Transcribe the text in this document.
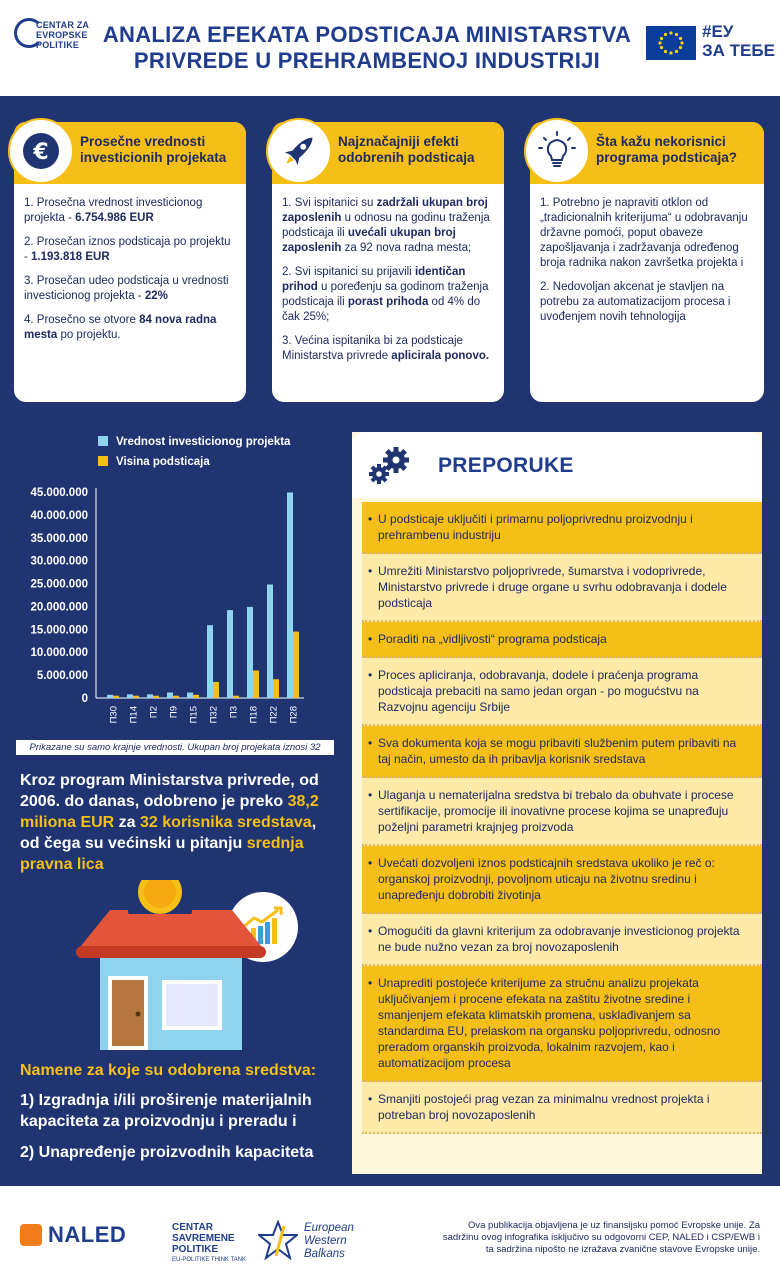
CENTAR ZA
EVROPSKE
POLITIKE	ANALIZA EFEKATA PODSTICAJA MINISTARSTVA
PRIVREDE U PREHRAMBENOJ INDUSTRIJI
#ЕУ
ЗА ТЕБЕ
€ Prosečne vrednosti investicionih projekata

1. Prosečna vrednost investicionog projekta - 6.754.986 EUR

2. Prosečan iznos podsticaja po projektu - 1.193.818 EUR

3. Prosečan udeo podsticaja u vrednosti investicionog projekta - 22%

4. Prosečno se otvore 84 nova radna mesta po projektu.

Najznačajniji efekti odobrenih podsticaja

1. Svi ispitanici su zadržali ukupan broj zaposlenih u odnosu na godinu traženja podsticaja ili uvećali ukupan broj zaposlenih za 92 nova radna mesta;

2. Svi ispitanici su prijavili identičan prihod u poređenju sa godinom traženja podsticaja ili porast prihoda od 4% do čak 25%;

3. Većina ispitanika bi za podsticaje Ministarstva privrede aplicirala ponovo.

Šta kažu nekorisnici programa podsticaja?

1. Potrebno je napraviti otklon od „tradicionalnih kriterijuma“ u odobravanju državne pomoći, poput obaveze zapošljavanja i zadržavanja određenog broja radnika nakon završetka projekta i

2. Nedovoljan akcenat je stavljen na potrebu za automatizacijom procesa i uvođenjem novih tehnologija

Vrednost investicionog projekta
Visina podsticaja
0
5.000.000
10.000.000
15.000.000
20.000.000
25.000.000
30.000.000
35.000.000
40.000.000
45.000.000
П30 П14 П2 П9 П15 П32 П3 П18 П22 П28
Prikazane su samo krajnje vrednosti. Ukupan broj projekata iznosi 32
Kroz program Ministarstva privrede, od 2006. do danas, odobreno je preko 38,2 miliona EUR za 32 korisnika sredstava, od čega su većinski u pitanju srednja pravna lica
Namene za koje su odobrena sredstva:
1) Izgradnja i/ili proširenje materijalnih kapaciteta za proizvodnju i preradu i
2) Unapređenje proizvodnih kapaciteta
PREPORUKE
• U podsticaje uključiti i primarnu poljoprivrednu proizvodnju i prehrambenu industriju
• Umrežiti Ministarstvo poljoprivrede, šumarstva i vodoprivrede, Ministarstvo privrede i druge organe u svrhu odobravanja i dodele podsticaja
• Poraditi na „vidljivosti“ programa podsticaja
• Proces apliciranja, odobravanja, dodele i praćenja programa podsticaja prebaciti na samo jedan organ - po mogućstvu na Razvojnu agenciju Srbije
• Sva dokumenta koja se mogu pribaviti službenim putem pribaviti na taj način, umesto da ih pribavlja korisnik sredstava
• Ulaganja u nematerijalna sredstva bi trebalo da obuhvate i procese sertifikacije, promocije ili inovativne procese kojima se unapređuju poželjni parametri krajnjeg proizvoda
• Uvećati dozvoljeni iznos podsticajnih sredstava ukoliko je reč o: organskoj proizvodnji, povoljnom uticaju na životnu sredinu i unapređenju dobrobiti životinja
• Omogućiti da glavni kriterijum za odobravanje investicionog projekta ne bude nužno vezan za broj novozaposlenih
• Unaprediti postojeće kriterijume za stručnu analizu projekata uključivanjem i procene efekata na zaštitu životne sredine i smanjenjem efekata klimatskih promena, usklađivanjem sa standardima EU, prelaskom na organsku poljoprivredu, odnosno preradom organskih proizvoda, lokalnim razvojem, kao i automatizacijom procesa
• Smanjiti postojeći prag vezan za minimalnu vrednost projekta i potreban broj novozaposlenih
NALED	CENTAR
SAVREMENE
POLITIKE
EU-POLITIKE THINK TANK
European
Western
Balkans
Ova publikacija objavljena je uz finansijsku pomoć Evropske unije. Za sadržinu ovog infografika isključivo su odgovorni CEP, NALED i CSP/EWB i ta sadržina nipošto ne izražava zvanične stavove Evropske unije.
